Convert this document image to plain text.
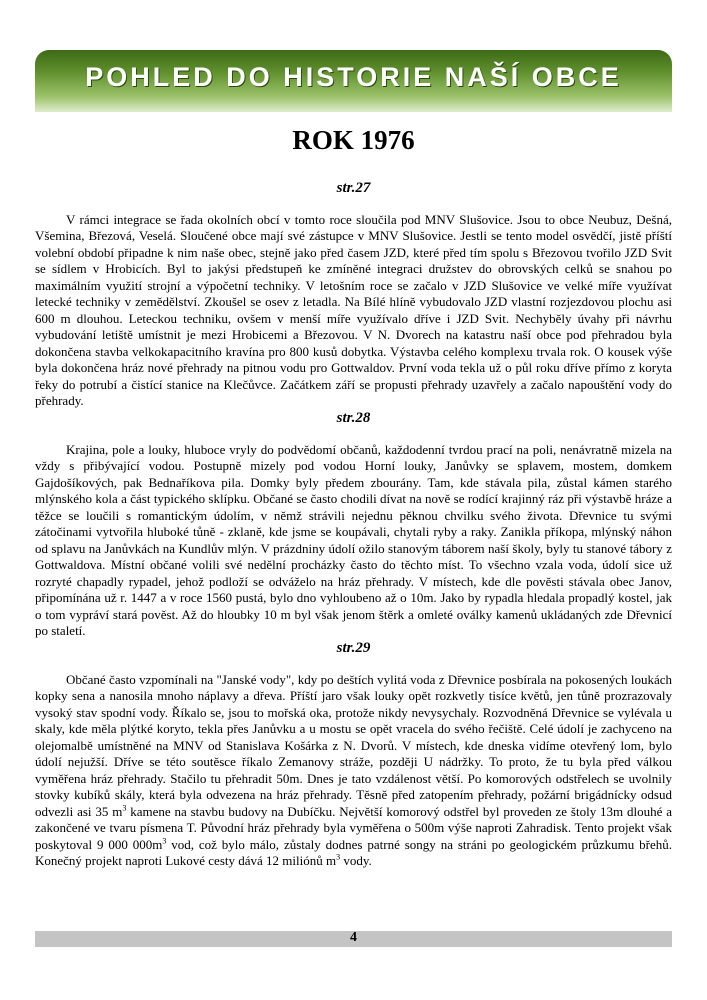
POHLED DO HISTORIE NAŠÍ OBCE
ROK 1976
str.27

V rámci integrace se řada okolních obcí v tomto roce sloučila pod MNV Slušovice. Jsou to obce Neubuz, Dešná, Všemina, Březová, Veselá. Sloučené obce mají své zástupce v MNV Slušovice. Jestli se tento model osvědčí, jistě příští volební období připadne k nim naše obec, stejně jako před časem JZD, které před tím spolu s Březovou tvořilo JZD Svit se sídlem v Hrobicích. Byl to jakýsi předstupeň ke zmíněné integraci družstev do obrovských celků se snahou po maximálním využití strojní a výpočetní techniky. V letošním roce se začalo v JZD Slušovice ve velké míře využívat letecké techniky v zemědělství. Zkoušel se osev z letadla. Na Bílé hlíně vybudovalo JZD vlastní rozjezdovou plochu asi 600 m dlouhou. Leteckou techniku, ovšem v menší míře využívalo dříve i JZD Svit. Nechyběly úvahy při návrhu vybudování letiště umístnit je mezi Hrobicemi a Březovou. V N. Dvorech na katastru naší obce pod přehradou byla dokončena stavba velkokapacitního kravína pro 800 kusů dobytka. Výstavba celého komplexu trvala rok. O kousek výše byla dokončena hráz nové přehrady na pitnou vodu pro Gottwaldov. První voda tekla už o půl roku dříve přímo z koryta řeky do potrubí a čistící stanice na Klečůvce. Začátkem září se propusti přehrady uzavřely a začalo napouštění vody do přehrady.

str.28

Krajina, pole a louky, hluboce vryly do podvědomí občanů, každodenní tvrdou prací na poli, nenávratně mizela na vždy s přibývající vodou. Postupně mizely pod vodou Horní louky, Janůvky se splavem, mostem, domkem Gajdošíkových, pak Bednaříkova pila. Domky byly předem zbourány. Tam, kde stávala pila, zůstal kámen starého mlýnského kola a část typického sklípku. Občané se často chodili dívat na nově se rodící krajinný ráz při výstavbě hráze a těžce se loučili s romantickým údolím, v němž strávili nejednu pěknou chvilku svého života. Dřevnice tu svými zátočinami vytvořila hluboké tůně - zklaně, kde jsme se koupávali, chytali ryby a raky. Zanikla příkopa, mlýnský náhon od splavu na Janůvkách na Kundlův mlýn. V prázdniny údolí ožilo stanovým táborem naší školy, byly tu stanové tábory z Gottwaldova. Místní občané volili své nedělní procházky často do těchto míst. To všechno vzala voda, údolí sice už rozryté chapadly rypadel, jehož podloží se odváželo na hráz přehrady. V místech, kde dle pověsti stávala obec Janov, připomínána už r. 1447 a v roce 1560 pustá, bylo dno vyhloubeno až o 10m. Jako by rypadla hledala propadlý kostel, jak o tom vypráví stará pověst. Až do hloubky 10 m byl však jenom štěrk a omleté oválky kamenů ukládaných zde Dřevnicí po staletí.

str.29

Občané často vzpomínali na "Janské vody", kdy po deštích vylitá voda z Dřevnice posbírala na pokosených loukách kopky sena a nanosila mnoho náplavy a dřeva. Příští jaro však louky opět rozkvetly tisíce květů, jen tůně prozrazovaly vysoký stav spodní vody. Říkalo se, jsou to mořská oka, protože nikdy nevysychaly. Rozvodněná Dřevnice se vylévala u skaly, kde měla plýtké koryto, tekla přes Janůvku a u mostu se opět vracela do svého řečiště. Celé údolí je zachyceno na olejomalbě umístněné na MNV od Stanislava Košárka z N. Dvorů. V místech, kde dneska vidíme otevřený lom, bylo údolí nejužší. Dříve se této soutěsce říkalo Zemanovy stráže, později U nádržky. To proto, že tu byla před válkou vyměřena hráz přehrady. Stačilo tu přehradit 50m. Dnes je tato vzdálenost větší. Po komorových odstřelech se uvolnily stovky kubíků skály, která byla odvezena na hráz přehrady. Těsně před zatopením přehrady, požární brigádnícky odsud odvezli asi 35 $m^3$ kamene na stavbu budovy na Dubíčku. Největší komorový odstřel byl proveden ze štoly 13m dlouhé a zakončené ve tvaru písmena T. Původní hráz přehrady byla vyměřena o 500m výše naproti Zahradisk. Tento projekt však poskytoval 9 000 $000m^3$ vod, což bylo málo, zůstaly dodnes patrné songy na stráni po geologickém průzkumu břehů. Konečný projekt naproti Lukové cesty dává 12 miliónů $m^3$ vody.

4
